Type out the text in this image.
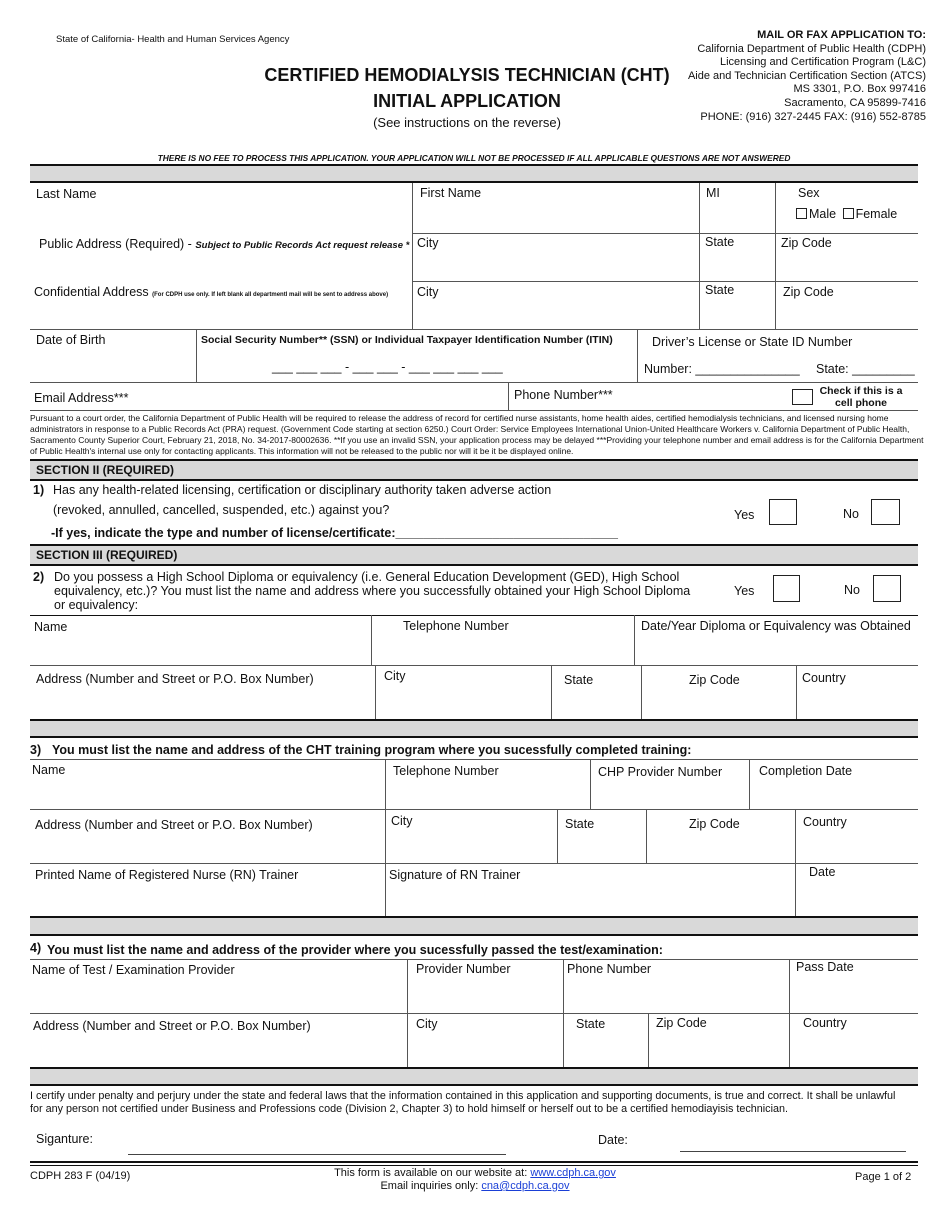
State of California- Health and Human Services Agency	MAIL OR FAX APPLICATION TO:
California Department of Public Health (CDPH)
Licensing and Certification Program (L&C)
Aide and Technician Certification Section (ATCS)
MS 3301, P.O. Box 997416
Sacramento, CA 95899-7416
PHONE: (916) 327-2445 FAX: (916) 552-8785
CERTIFIED HEMODIALYSIS TECHNICIAN (CHT)
INITIAL APPLICATION
(See instructions on the reverse)
THERE IS NO FEE TO PROCESS THIS APPLICATION. YOUR APPLICATION WILL NOT BE PROCESSED IF ALL APPLICABLE QUESTIONS ARE NOT ANSWERED
Last Name	First Name	MI	Sex
Male Female
Public Address (Required) - Subject to Public Records Act request release * City	State	Zip Code
Confidential Address (For CDPH use only. If left blank all departmentl mail will be sent to address above) City	State	Zip Code
Date of Birth	Social Security Number** (SSN) or Individual Taxpayer Identification Number (ITIN)
___ ___ ___ - ___ ___ - ___ ___ ___ ___
Driver’s License or State ID Number
Number: _______________ State: _________
Email Address***	Phone Number***	Check if this is a cell phone
Pursuant to a court order, the California Department of Public Health will be required to release the address of record for certified nurse assistants, home health aides, certified hemodialysis technicians, and licensed nursing home administrators in response to a Public Records Act (PRA) request. (Government Code starting at section 6250.) Court Order: Service Employees International Union-United Healthcare Workers v. California Department of Public Health, Sacramento County Superior Court, February 21, 2018, No. 34-2017-80002636. **If you use an invalid SSN, your application process may be delayed ***Providing your telephone number and email address is for the California Department of Public Health's internal use only for contacting applicants. This information will not be released to the public nor will it be it be displayed online.
SECTION II (REQUIRED)
1) Has any health-related licensing, certification or disciplinary authority taken adverse action
(revoked, annulled, cancelled, suspended, etc.) against you?
-If yes, indicate the type and number of license/certificate:________________________________
Yes	No
SECTION III (REQUIRED)
2) Do you possess a High School Diploma or equivalency (i.e. General Education Development (GED), High School
equivalency, etc.)? You must list the name and address where you successfully obtained your High School Diploma
or equivalency:
Yes	No
Name	Telephone Number	Date/Year Diploma or Equivalency was Obtained
Address (Number and Street or P.O. Box Number)	City	State	Zip Code	Country
3) You must list the name and address of the CHT training program where you sucessfully completed training:
Name	Telephone Number	CHP Provider Number	Completion Date
Address (Number and Street or P.O. Box Number)	City	State	Zip Code	Country
Printed Name of Registered Nurse (RN) Trainer	Signature of RN Trainer	Date
4) You must list the name and address of the provider where you sucessfully passed the test/examination:
Name of Test / Examination Provider	Provider Number	Phone Number	Pass Date
Address (Number and Street or P.O. Box Number)	City	State	Zip Code	Country
I certify under penalty and perjury under the state and federal laws that the information contained in this application and supporting documents, is true and correct. It shall be unlawful for any person not certified under Business and Professions code (Division 2, Chapter 3) to hold himself or herself out to be a certified hemodiayisis technician.
Siganture:	Date:
CDPH 283 F (04/19)	This form is available on our website at: www.cdph.ca.gov
Email inquiries only: cna@cdph.ca.gov
Page 1 of 2
